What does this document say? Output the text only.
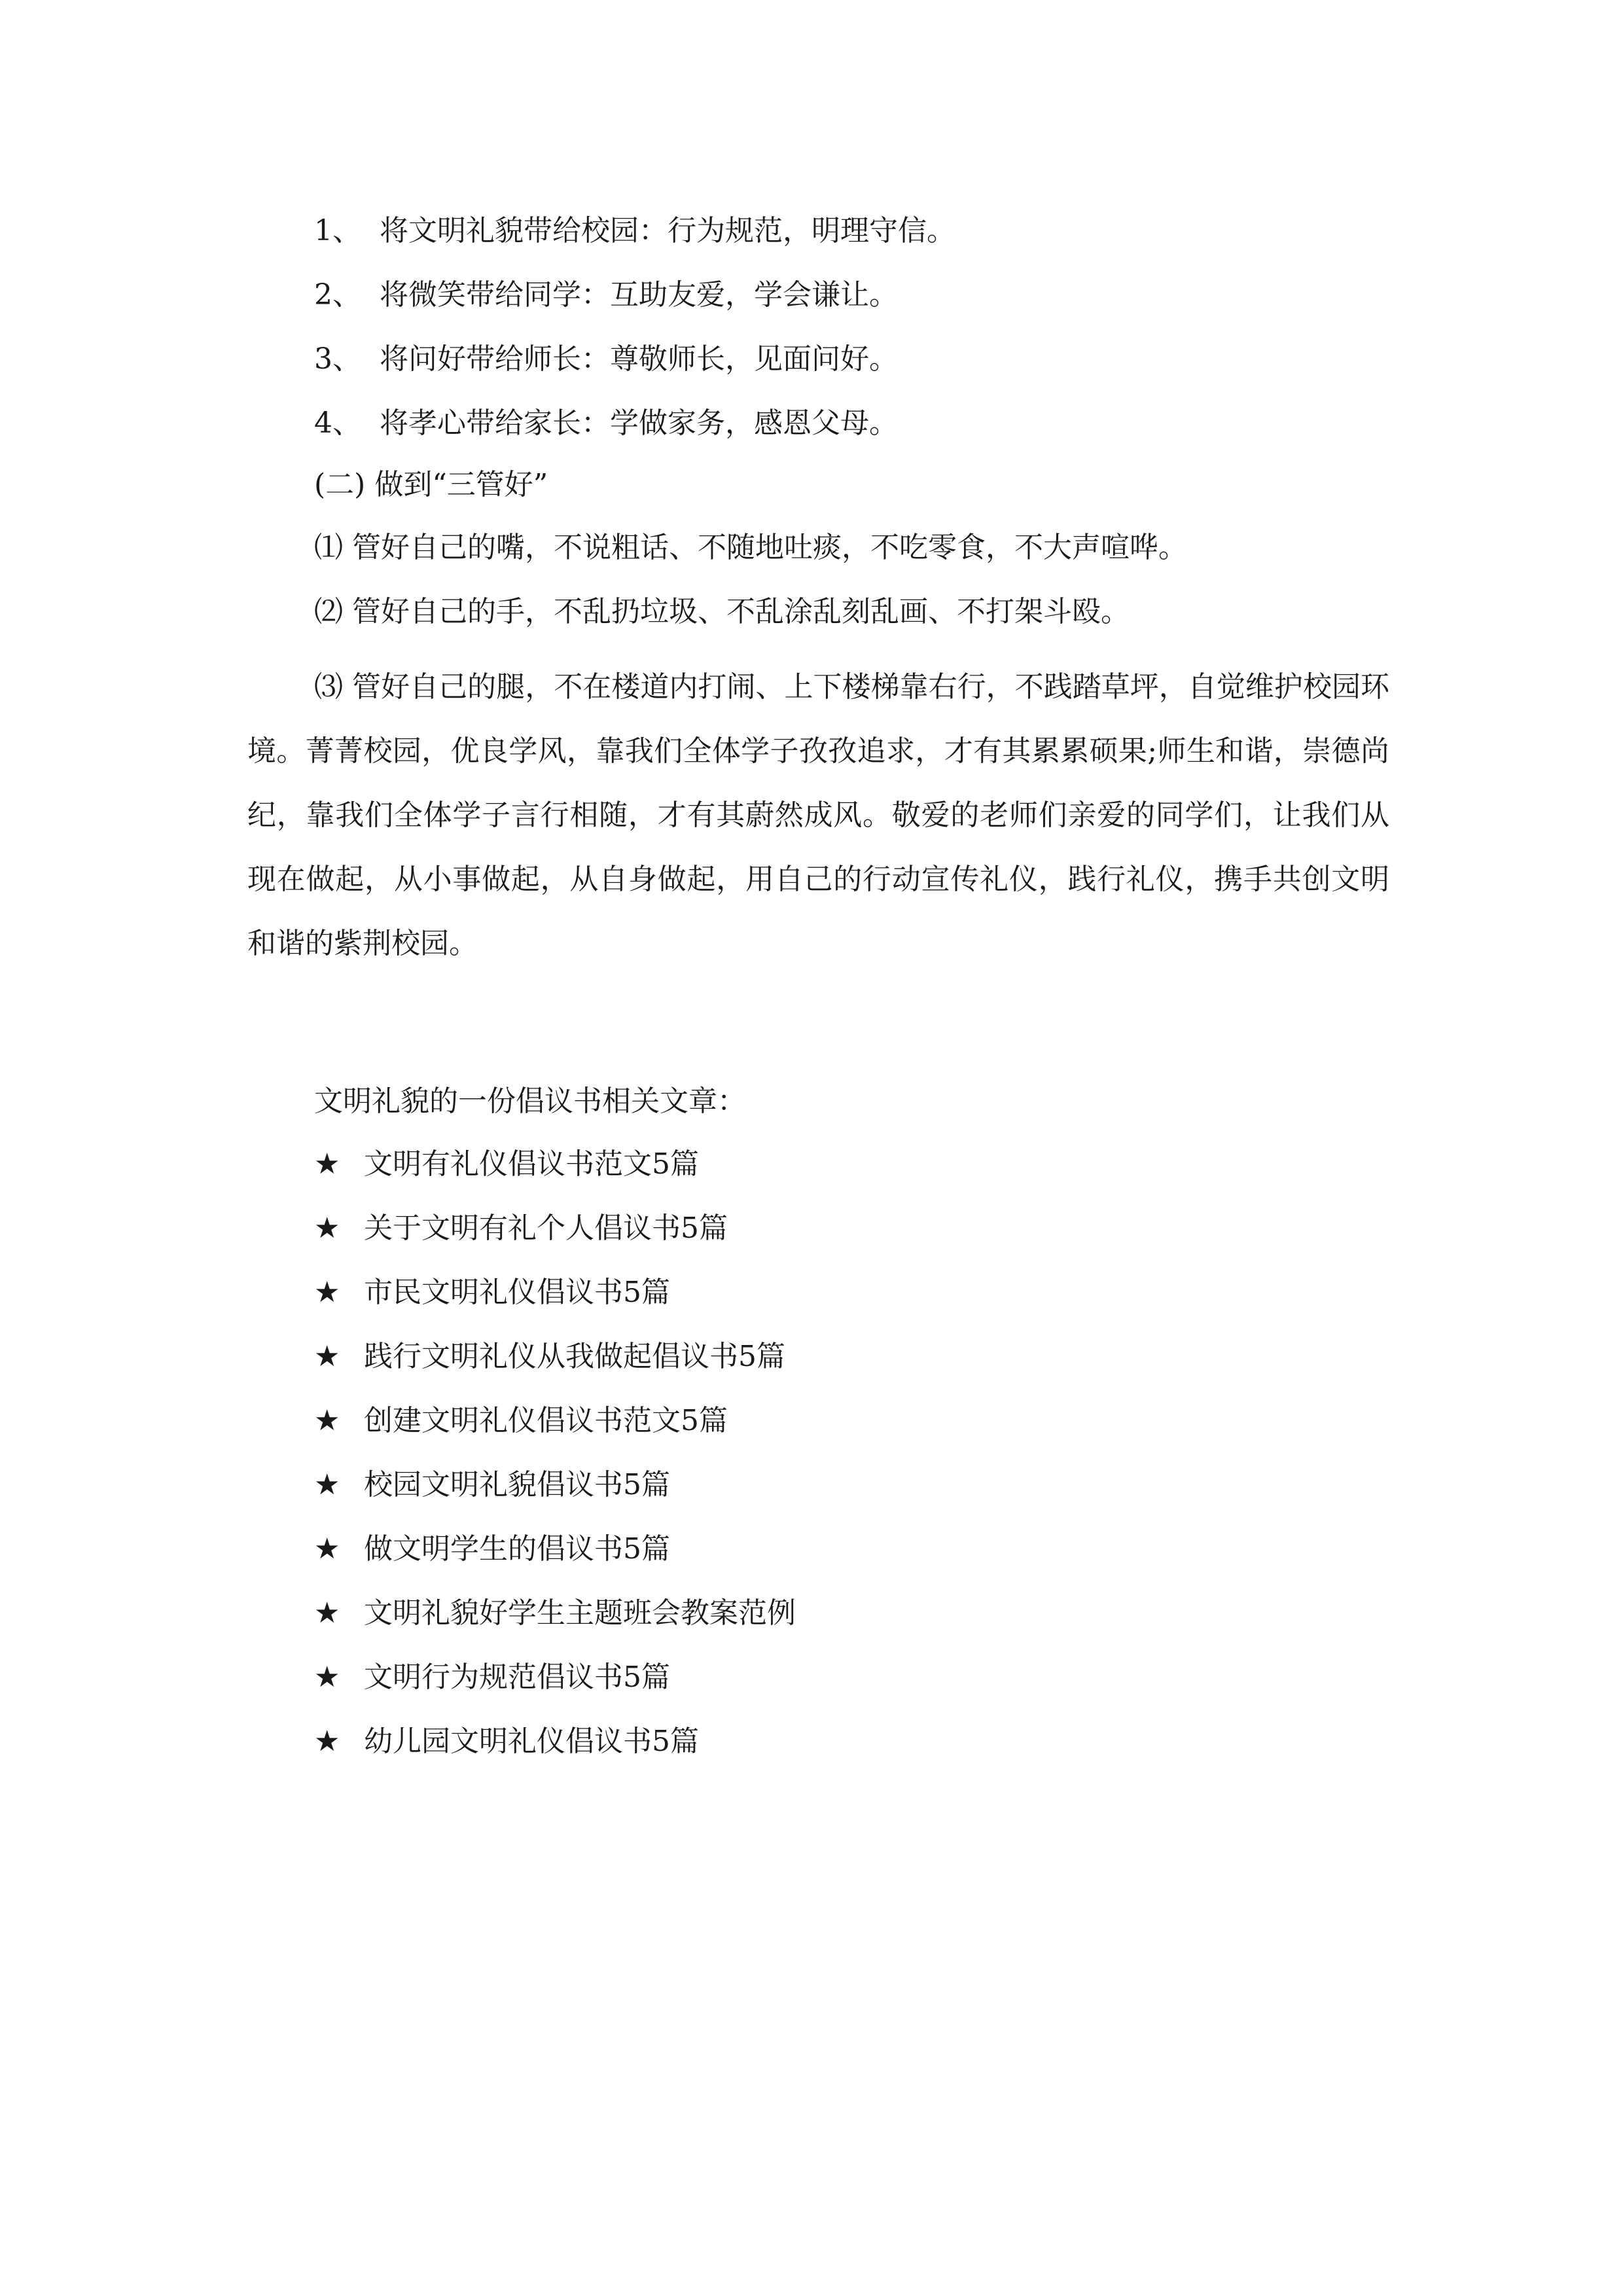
1、 将文明礼貌带给校园：行为规范，明理守信。
2、 将微笑带给同学：互助友爱，学会谦让。
3、 将问好带给师长：尊敬师长，见面问好。
4、 将孝心带给家长：学做家务，感恩父母。
(二) 做到“三管好”
⑴ 管好自己的嘴，不说粗话、不随地吐痰，不吃零食，不大声喧哗。
⑵ 管好自己的手，不乱扔垃圾、不乱涂乱刻乱画、不打架斗殴。
⑶ 管好自己的腿，不在楼道内打闹、上下楼梯靠右行，不践踏草坪，自觉维护校园环境。菁菁校园，优良学风，靠我们全体学子孜孜追求，才有其累累硕果;师生和谐，崇德尚纪，靠我们全体学子言行相随，才有其蔚然成风。敬爱的老师们亲爱的同学们，让我们从现在做起，从小事做起，从自身做起，用自己的行动宣传礼仪，践行礼仪，携手共创文明和谐的紫荆校园。
文明礼貌的一份倡议书相关文章：
★ 文明有礼仪倡议书范文5篇
★ 关于文明有礼个人倡议书5篇
★ 市民文明礼仪倡议书5篇
★ 践行文明礼仪从我做起倡议书5篇
★ 创建文明礼仪倡议书范文5篇
★ 校园文明礼貌倡议书5篇
★ 做文明学生的倡议书5篇
★ 文明礼貌好学生主题班会教案范例
★ 文明行为规范倡议书5篇
★ 幼儿园文明礼仪倡议书5篇
